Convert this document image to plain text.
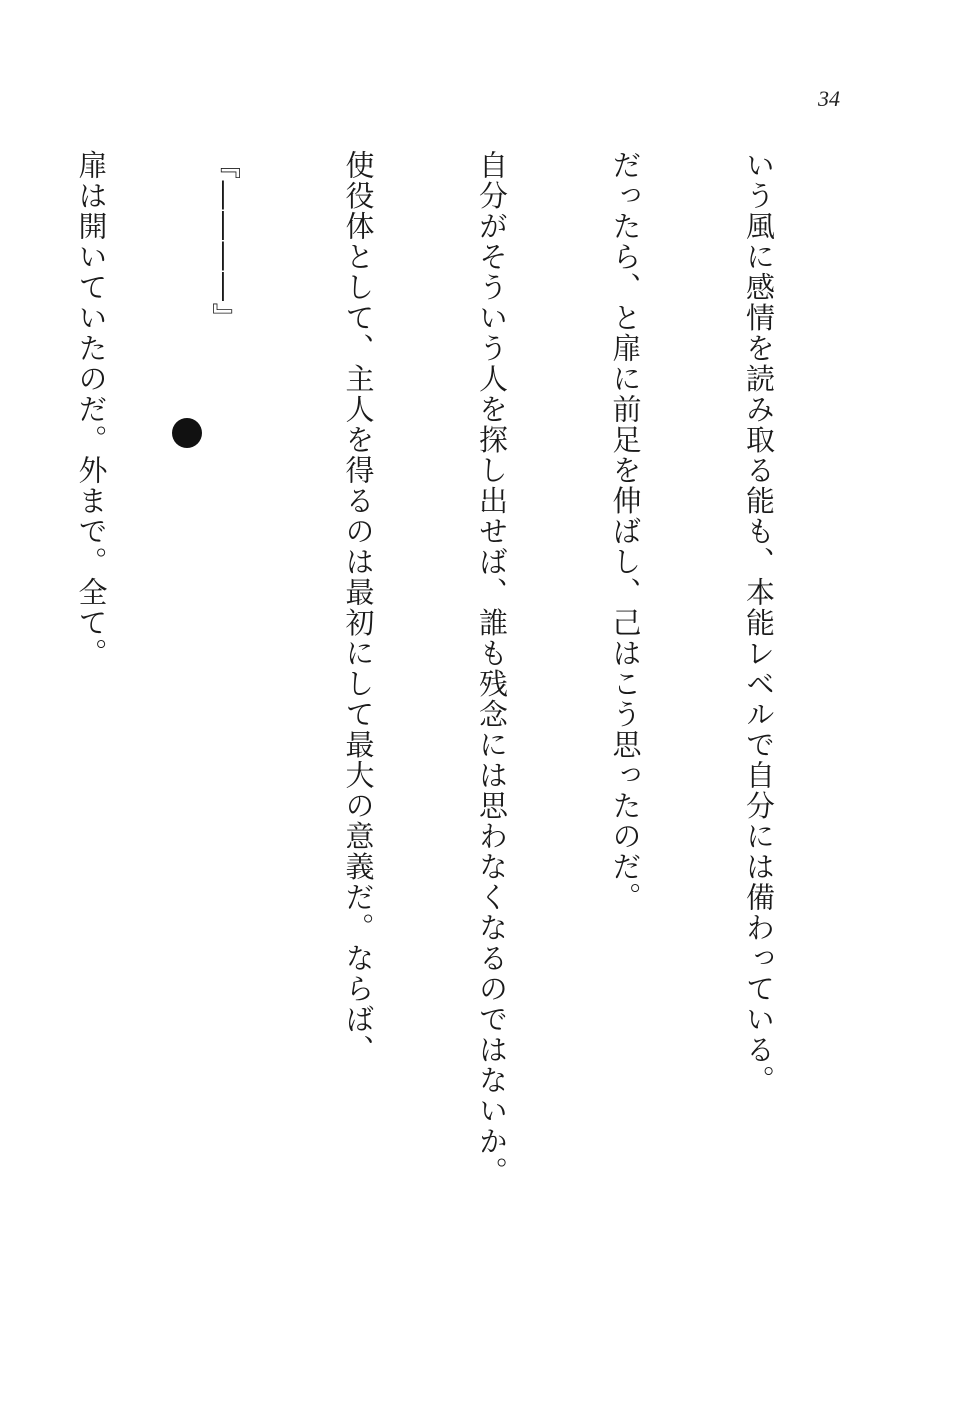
34

いう風に感情を読み取る能も、本能レベルで自分には備わっている。

だったら、と扉に前足を伸ばし、己はこう思ったのだ。

自分がそういう人を探し出せば、誰も残念には思わなくなるのではないか。

使役体として、主人を得るのは最初にして最大の意義だ。ならば、

『――――』

扉は開いていたのだ。外まで。全て。
